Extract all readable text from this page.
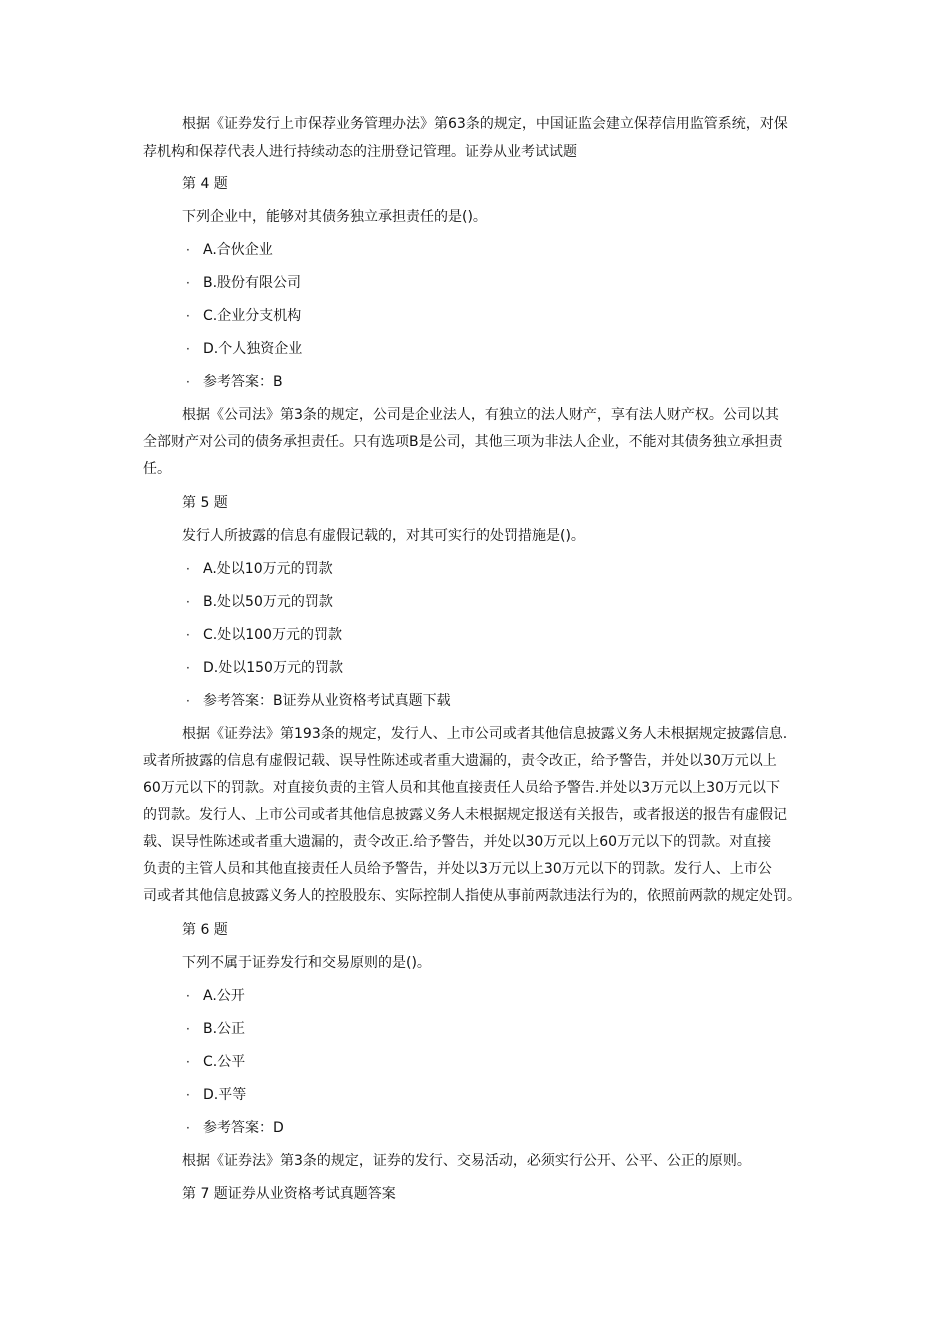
根据《证券发行上市保荐业务管理办法》第63条的规定，中国证监会建立保荐信用监管系统，对保
荐机构和保荐代表人进行持续动态的注册登记管理。证券从业考试试题
第 4 题
下列企业中，能够对其债务独立承担责任的是()。
· A.合伙企业
· B.股份有限公司
· C.企业分支机构
· D.个人独资企业
· 参考答案：B
根据《公司法》第3条的规定，公司是企业法人，有独立的法人财产，享有法人财产权。公司以其
全部财产对公司的债务承担责任。只有选项B是公司，其他三项为非法人企业，不能对其债务独立承担责
任。
第 5 题
发行人所披露的信息有虚假记载的，对其可实行的处罚措施是()。
· A.处以10万元的罚款
· B.处以50万元的罚款
· C.处以100万元的罚款
· D.处以150万元的罚款
· 参考答案：B证券从业资格考试真题下载
根据《证券法》第193条的规定，发行人、上市公司或者其他信息披露义务人未根据规定披露信息.
或者所披露的信息有虚假记载、误导性陈述或者重大遗漏的，责令改正，给予警告，并处以30万元以上
60万元以下的罚款。对直接负责的主管人员和其他直接责任人员给予警告.并处以3万元以上30万元以下
的罚款。发行人、上市公司或者其他信息披露义务人未根据规定报送有关报告，或者报送的报告有虚假记
载、误导性陈述或者重大遗漏的，责令改正.给予警告，并处以30万元以上60万元以下的罚款。对直接
负责的主管人员和其他直接责任人员给予警告，并处以3万元以上30万元以下的罚款。发行人、上市公
司或者其他信息披露义务人的控股股东、实际控制人指使从事前两款违法行为的，依照前两款的规定处罚。
第 6 题
下列不属于证券发行和交易原则的是()。
· A.公开
· B.公正
· C.公平
· D.平等
· 参考答案：D
根据《证券法》第3条的规定，证券的发行、交易活动，必须实行公开、公平、公正的原则。
第 7 题证券从业资格考试真题答案
